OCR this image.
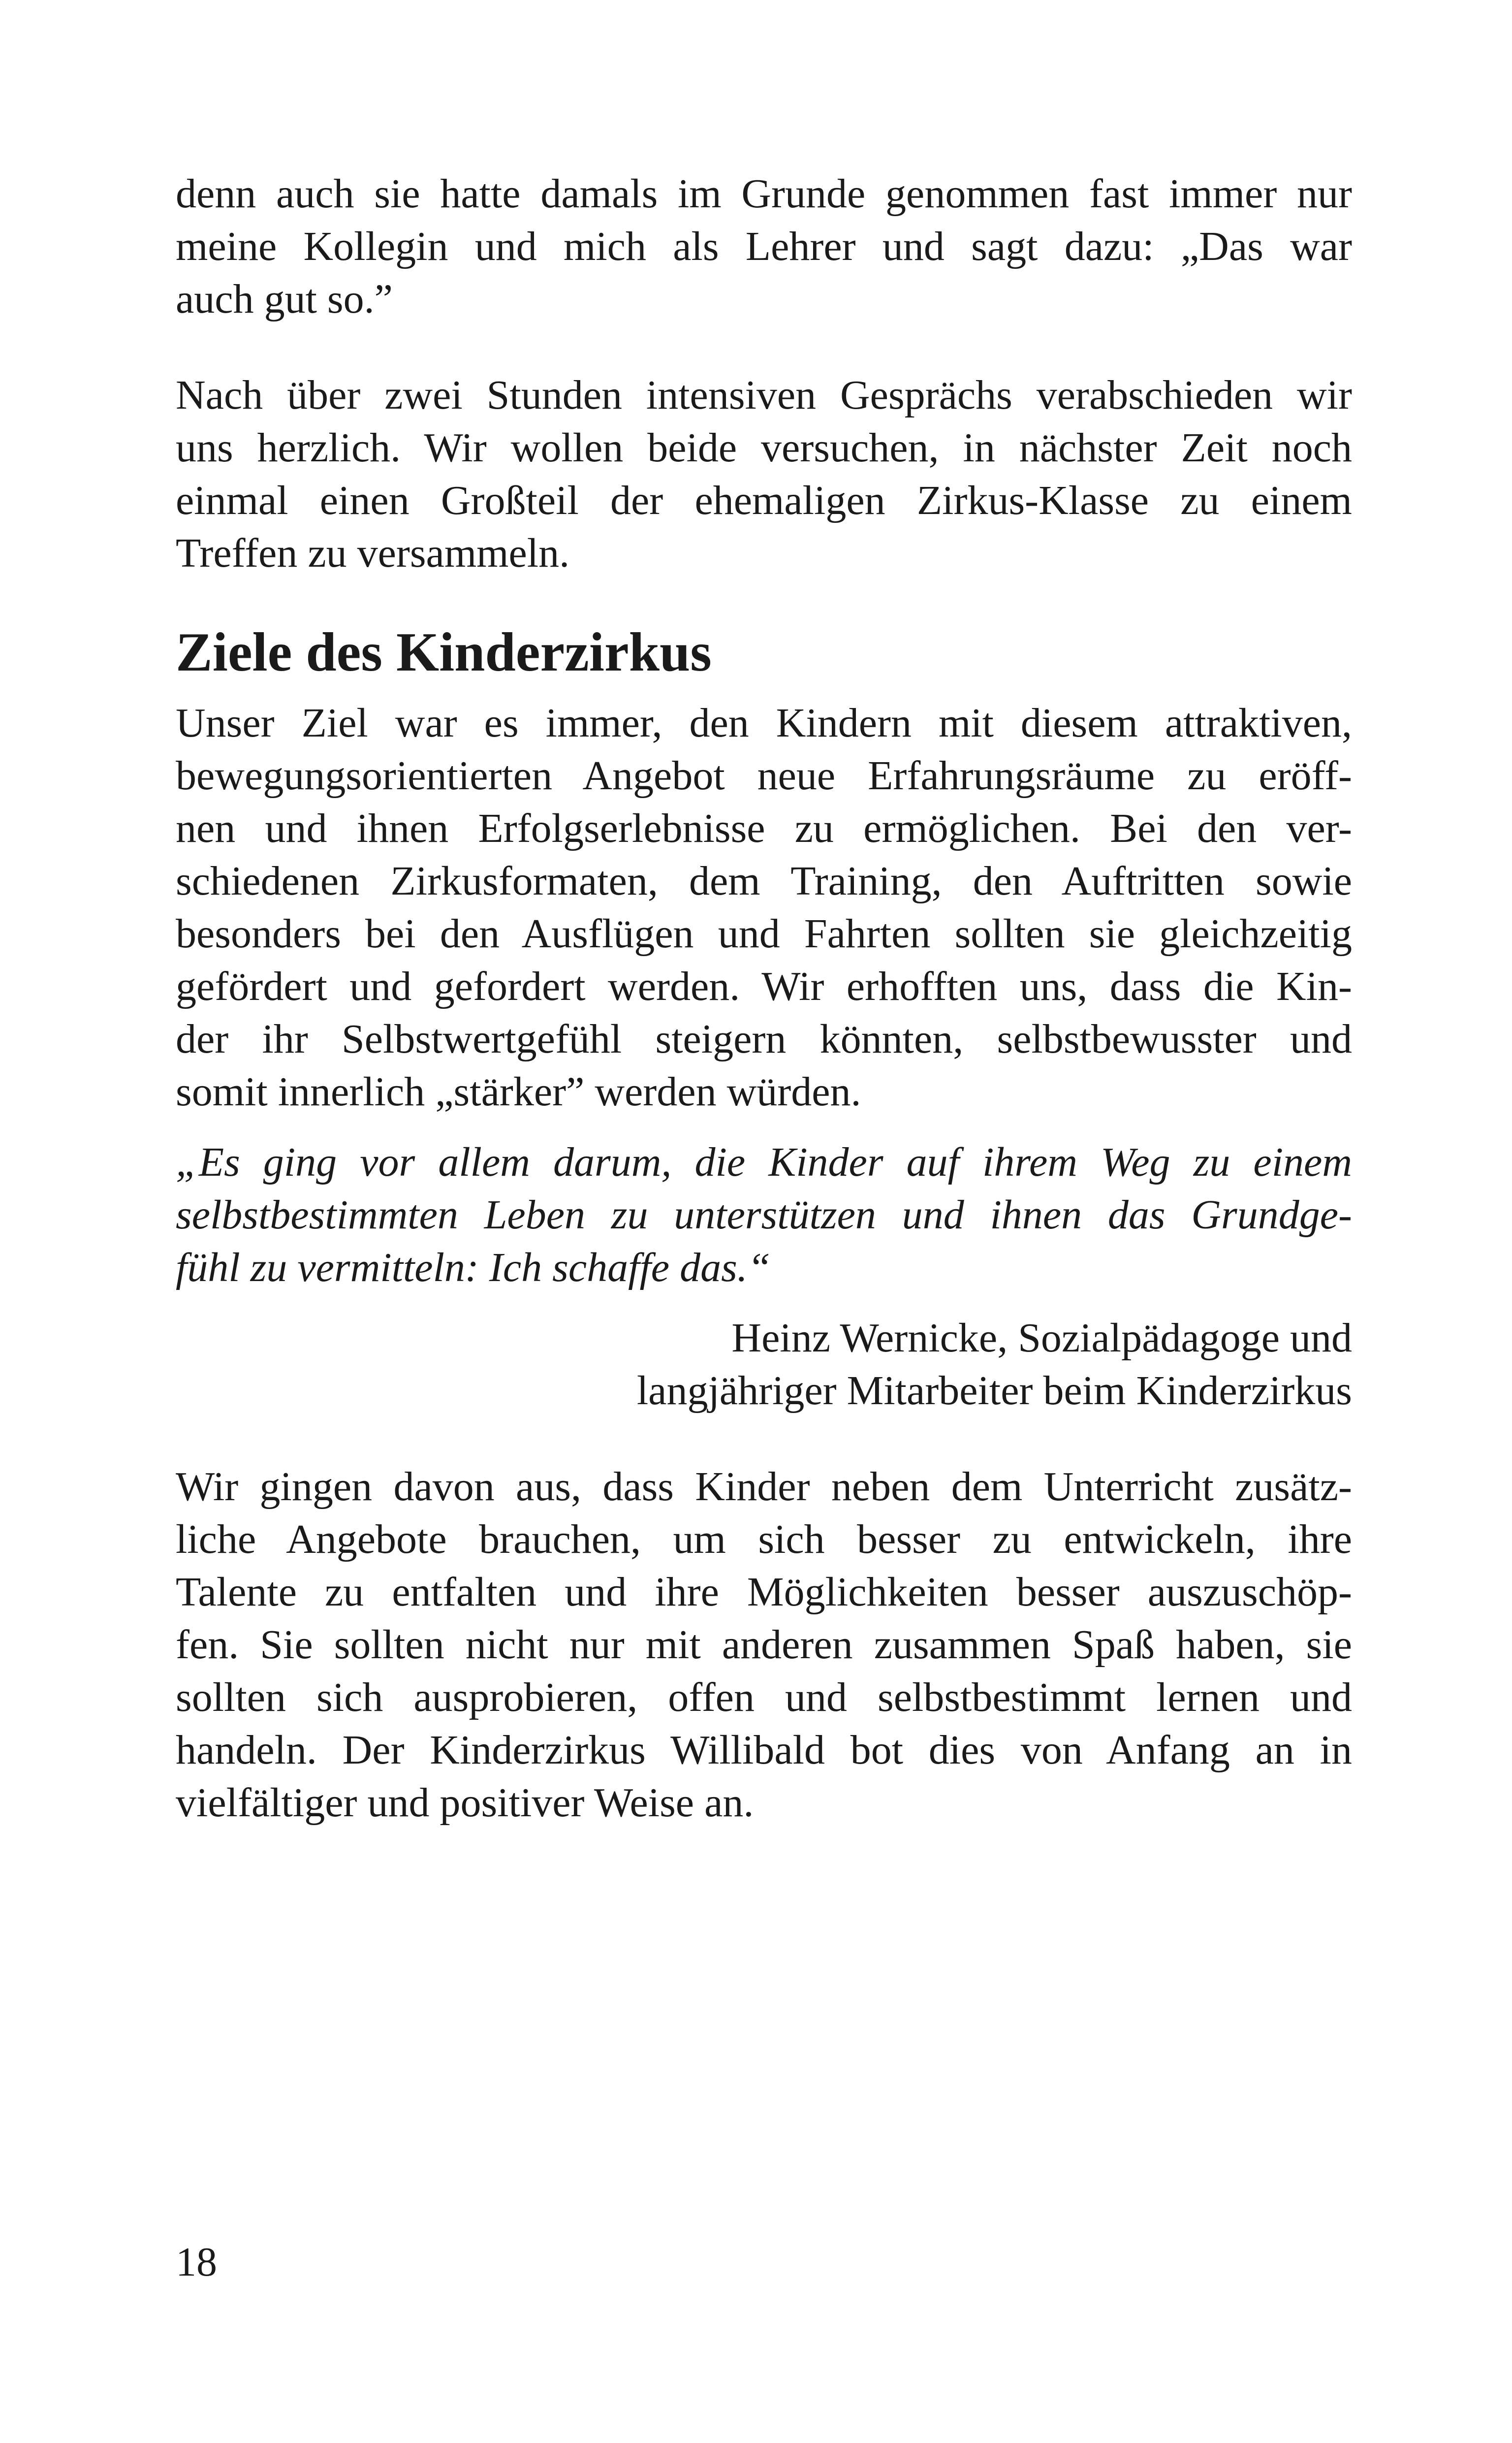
denn auch sie hatte damals im Grunde genommen fast immer nur
meine Kollegin und mich als Lehrer und sagt dazu: „Das war
auch gut so.”
Nach über zwei Stunden intensiven Gesprächs verabschieden wir
uns herzlich. Wir wollen beide versuchen, in nächster Zeit noch
einmal einen Großteil der ehemaligen Zirkus-Klasse zu einem
Treffen zu versammeln.
Ziele des Kinderzirkus
Unser Ziel war es immer, den Kindern mit diesem attraktiven,
bewegungsorientierten Angebot neue Erfahrungsräume zu eröff-
nen und ihnen Erfolgserlebnisse zu ermöglichen. Bei den ver-
schiedenen Zirkusformaten, dem Training, den Auftritten sowie
besonders bei den Ausflügen und Fahrten sollten sie gleichzeitig
gefördert und gefordert werden. Wir erhofften uns, dass die Kin-
der ihr Selbstwertgefühl steigern könnten, selbstbewusster und
somit innerlich „stärker” werden würden.
„Es ging vor allem darum, die Kinder auf ihrem Weg zu einem
selbstbestimmten Leben zu unterstützen und ihnen das Grundge-
fühl zu vermitteln: Ich schaffe das.“
Heinz Wernicke, Sozialpädagoge und
langjähriger Mitarbeiter beim Kinderzirkus
Wir gingen davon aus, dass Kinder neben dem Unterricht zusätz-
liche Angebote brauchen, um sich besser zu entwickeln, ihre
Talente zu entfalten und ihre Möglichkeiten besser auszuschöp-
fen. Sie sollten nicht nur mit anderen zusammen Spaß haben, sie
sollten sich ausprobieren, offen und selbstbestimmt lernen und
handeln. Der Kinderzirkus Willibald bot dies von Anfang an in
vielfältiger und positiver Weise an.
18
